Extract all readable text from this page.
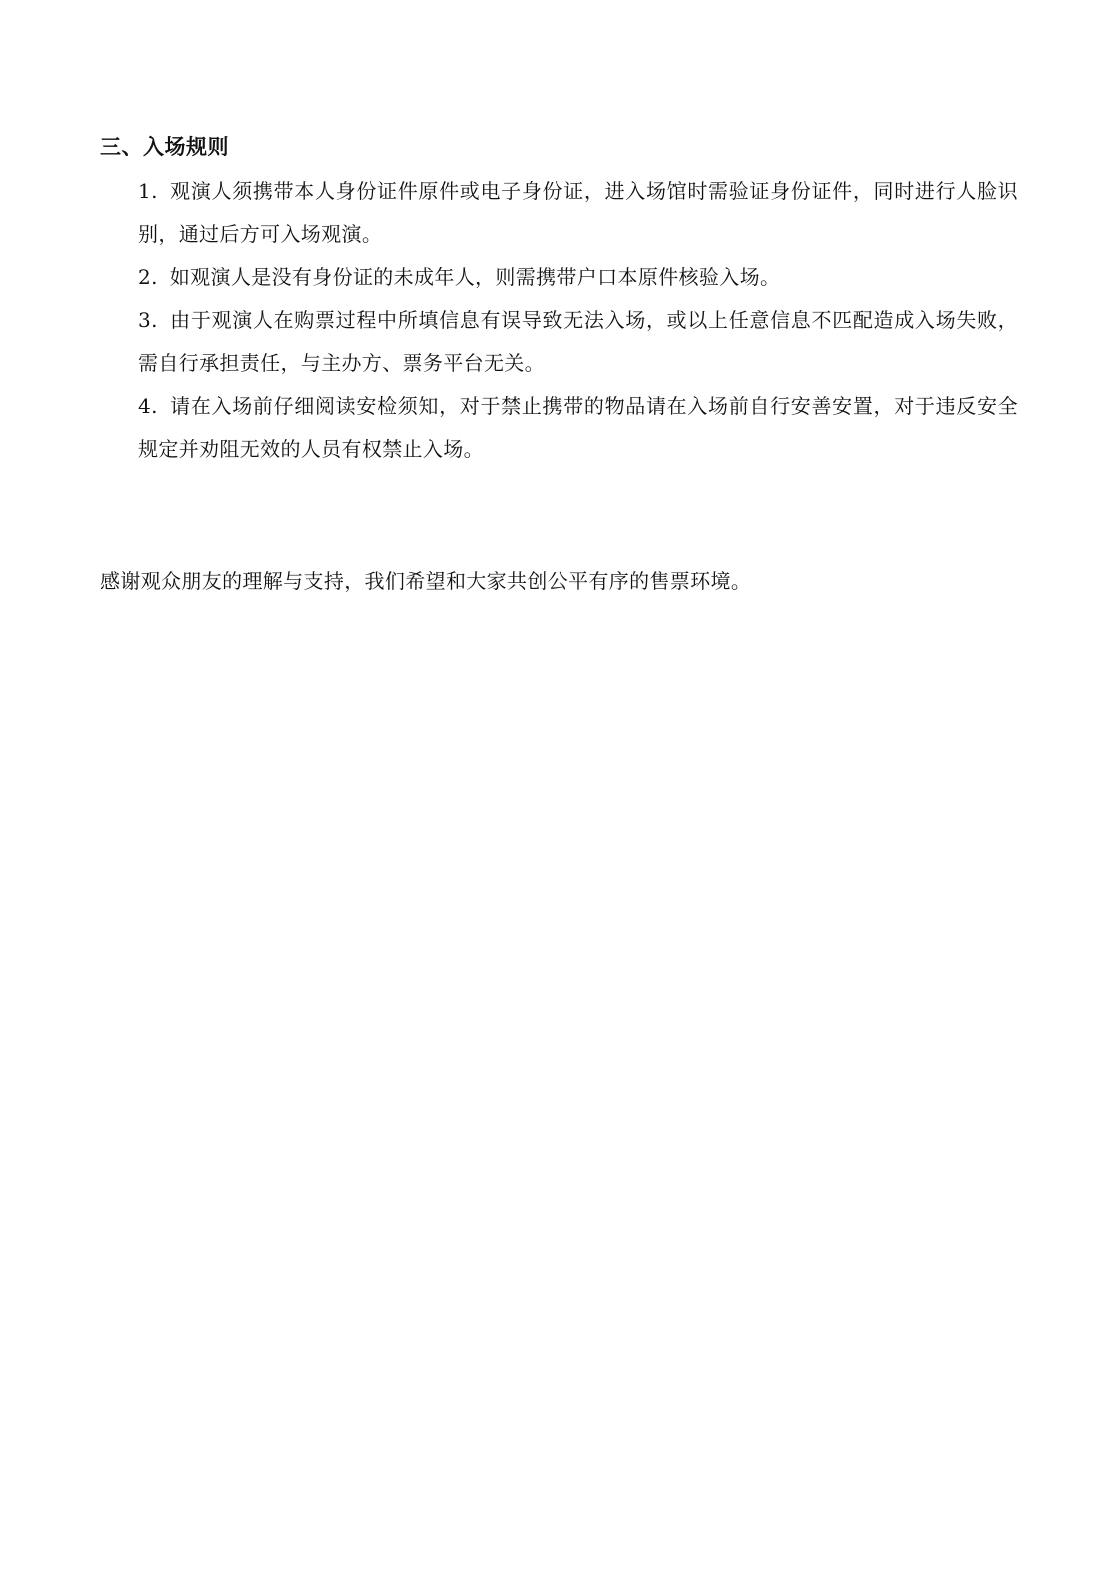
三、入场规则
1. 观演人须携带本人身份证件原件或电子身份证，进入场馆时需验证身份证件，同时进行人脸识别，通过后方可入场观演。
2. 如观演人是没有身份证的未成年人，则需携带户口本原件核验入场。
3. 由于观演人在购票过程中所填信息有误导致无法入场，或以上任意信息不匹配造成入场失败，需自行承担责任，与主办方、票务平台无关。
4. 请在入场前仔细阅读安检须知，对于禁止携带的物品请在入场前自行安善安置，对于违反安全规定并劝阻无效的人员有权禁止入场。

感谢观众朋友的理解与支持，我们希望和大家共创公平有序的售票环境。
